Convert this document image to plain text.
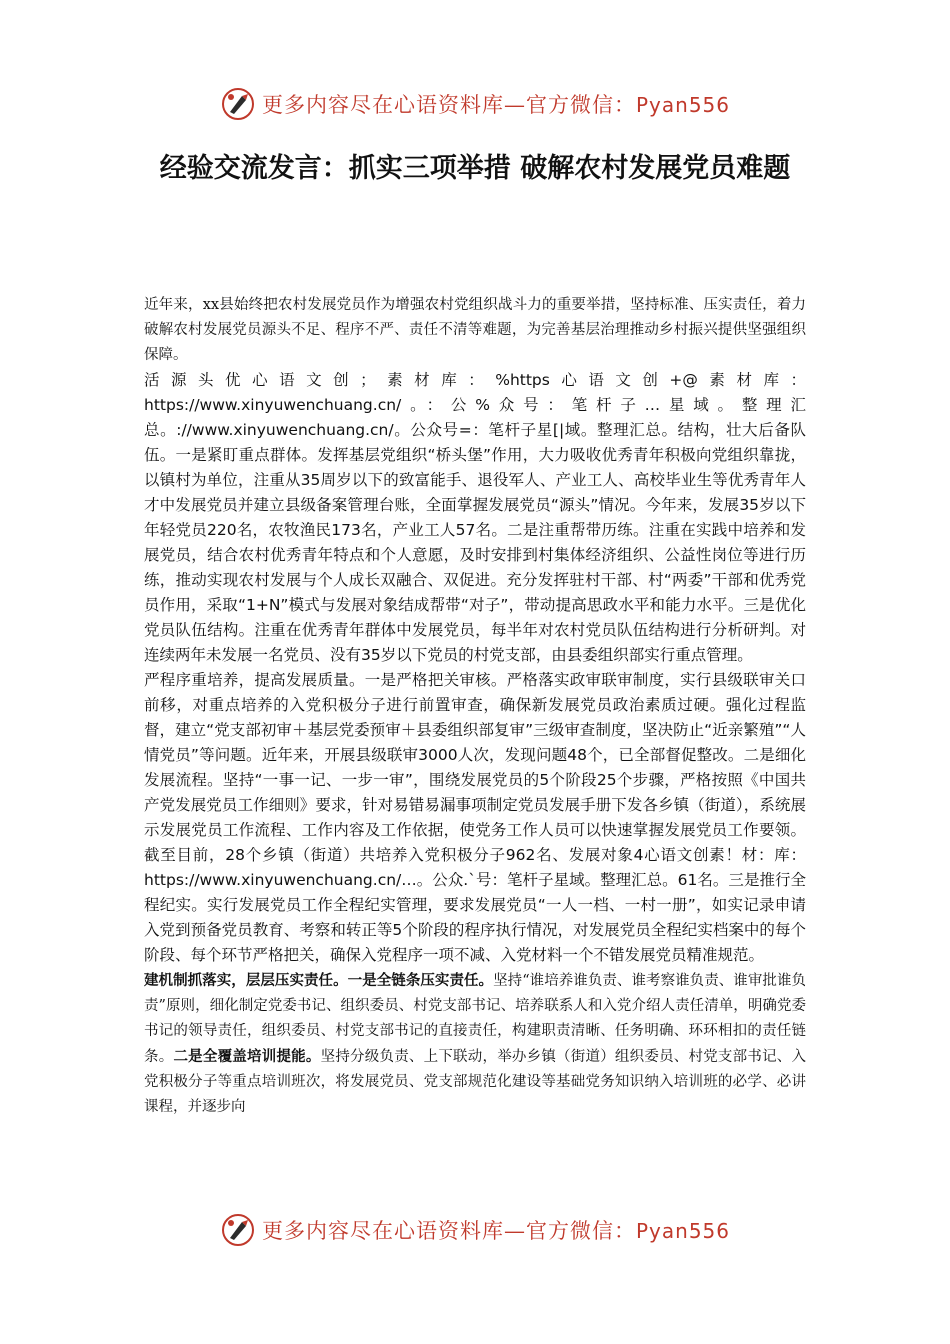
更多内容尽在心语资料库—官方微信：Pyan556
经验交流发言：抓实三项举措 破解农村发展党员难题

近年来，xx县始终把农村发展党员作为增强农村党组织战斗力的重要举措，坚持标准、压实责任，着力破解农村发展党员源头不足、程序不严、责任不清等难题，为完善基层治理推动乡村振兴提供坚强组织保障。

活源头优心语文创；素材库：%https心语文创+@素材库：https://www.xinyuwenchuang.cn/。：公%众号：笔杆子…星域。整理汇总。://www.xinyuwenchuang.cn/。公众号=：笔杆子星[|域。整理汇总。结构，壮大后备队伍。一是紧盯重点群体。发挥基层党组织“桥头堡”作用，大力吸收优秀青年积极向党组织靠拢，以镇村为单位，注重从35周岁以下的致富能手、退役军人、产业工人、高校毕业生等优秀青年人才中发展党员并建立县级备案管理台账，全面掌握发展党员“源头”情况。今年来，发展35岁以下年轻党员220名，农牧渔民173名，产业工人57名。二是注重帮带历练。注重在实践中培养和发展党员，结合农村优秀青年特点和个人意愿，及时安排到村集体经济组织、公益性岗位等进行历练，推动实现农村发展与个人成长双融合、双促进。充分发挥驻村干部、村“两委”干部和优秀党员作用，采取“1+N”模式与发展对象结成帮带“对子”，带动提高思政水平和能力水平。三是优化党员队伍结构。注重在优秀青年群体中发展党员，每半年对农村党员队伍结构进行分析研判。对连续两年未发展一名党员、没有35岁以下党员的村党支部，由县委组织部实行重点管理。

严程序重培养，提高发展质量。一是严格把关审核。严格落实政审联审制度，实行县级联审关口前移，对重点培养的入党积极分子进行前置审查，确保新发展党员政治素质过硬。强化过程监督，建立“党支部初审＋基层党委预审＋县委组织部复审”三级审查制度，坚决防止“近亲繁殖”“人情党员”等问题。近年来，开展县级联审3000人次，发现问题48个，已全部督促整改。二是细化发展流程。坚持“一事一记、一步一审”，围绕发展党员的5个阶段25个步骤，严格按照《中国共产党发展党员工作细则》要求，针对易错易漏事项制定党员发展手册下发各乡镇（街道），系统展示发展党员工作流程、工作内容及工作依据，使党务工作人员可以快速掌握发展党员工作要领。截至目前，28个乡镇（街道）共培养入党积极分子962名、发展对象4心语文创素！材：库：https://www.xinyuwenchuang.cn/…。公众.`号：笔杆子星域。整理汇总。61名。三是推行全程纪实。实行发展党员工作全程纪实管理，要求发展党员“一人一档、一村一册”，如实记录申请入党到预备党员教育、考察和转正等5个阶段的程序执行情况，对发展党员全程纪实档案中的每个阶段、每个环节严格把关，确保入党程序一项不减、入党材料一个不错发展党员精准规范。

建机制抓落实，层层压实责任。一是全链条压实责任。坚持“谁培养谁负责、谁考察谁负责、谁审批谁负责”原则，细化制定党委书记、组织委员、村党支部书记、培养联系人和入党介绍人责任清单，明确党委书记的领导责任，组织委员、村党支部书记的直接责任，构建职责清晰、任务明确、环环相扣的责任链条。二是全覆盖培训提能。坚持分级负责、上下联动，举办乡镇（街道）组织委员、村党支部书记、入党积极分子等重点培训班次，将发展党员、党支部规范化建设等基础党务知识纳入培训班的必学、必讲课程，并逐步向

更多内容尽在心语资料库—官方微信：Pyan556
